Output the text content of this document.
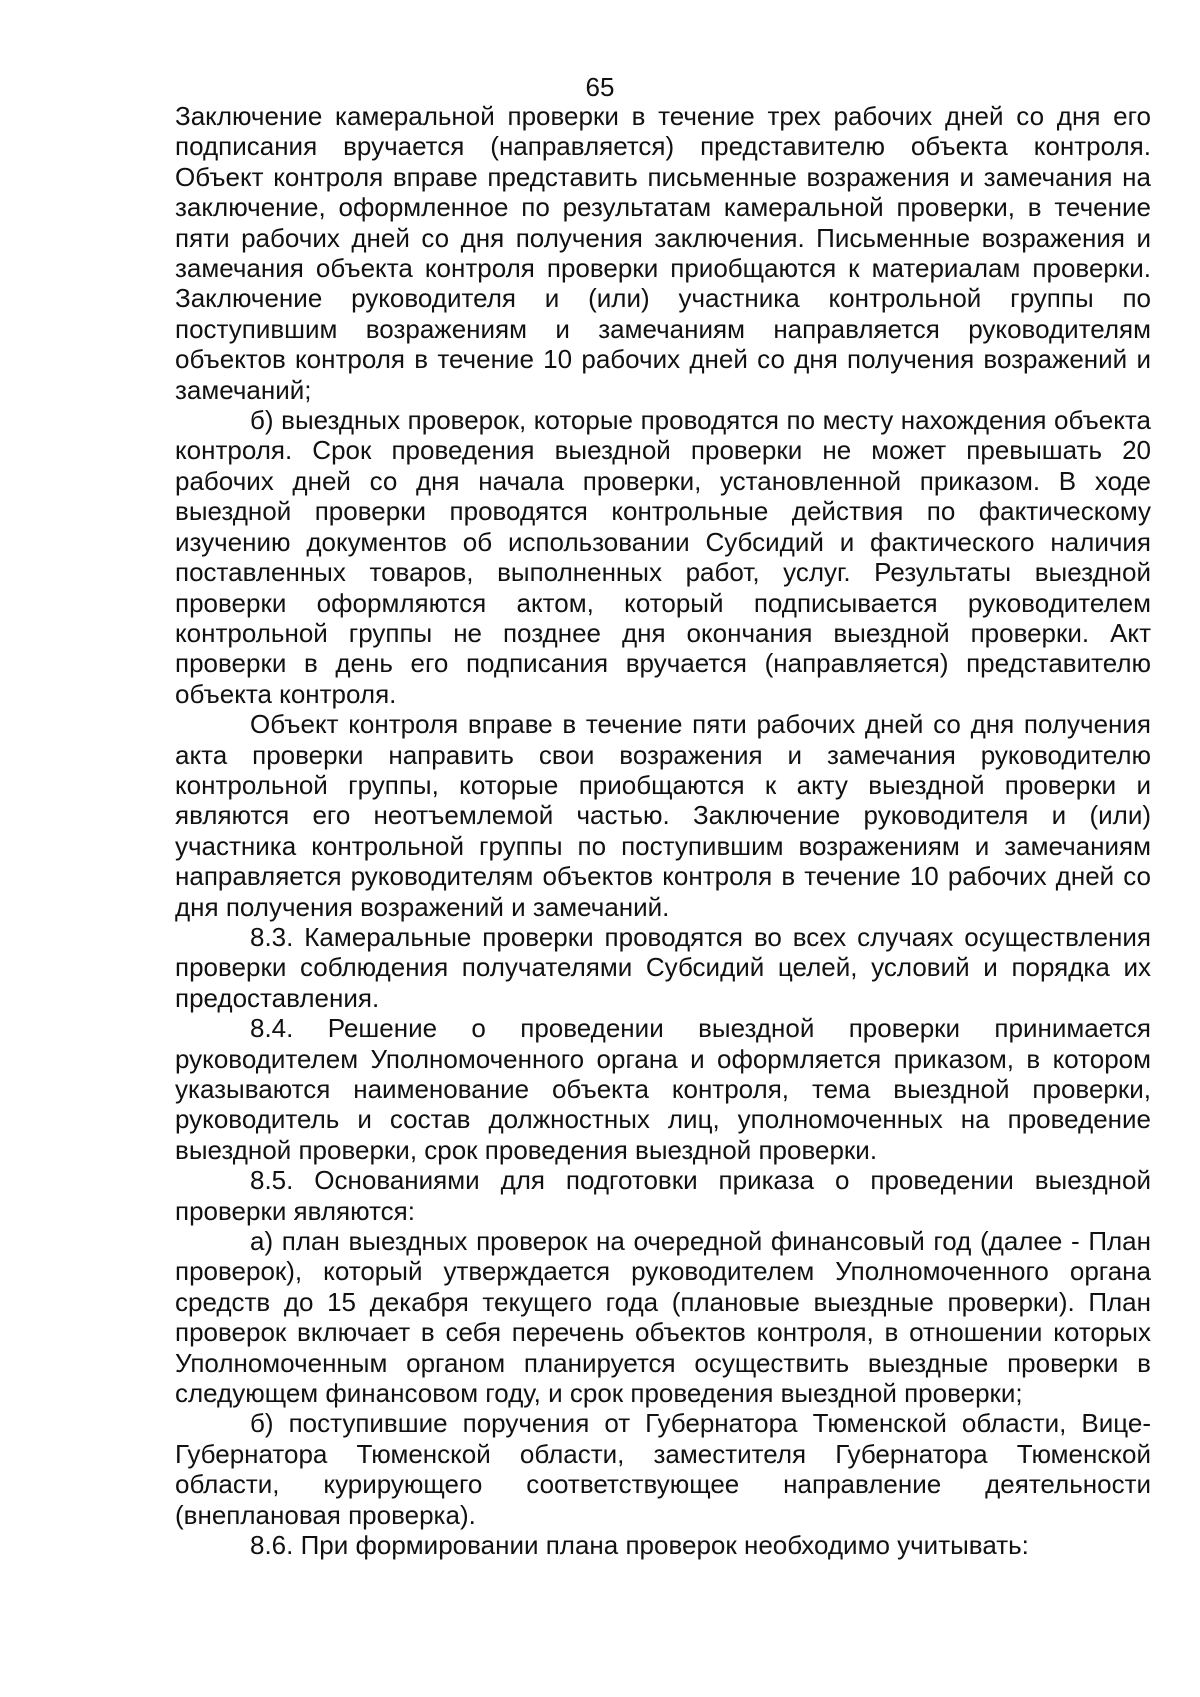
65

Заключение камеральной проверки в течение трех рабочих дней со дня его подписания вручается (направляется) представителю объекта контроля. Объект контроля вправе представить письменные возражения и замечания на заключение, оформленное по результатам камеральной проверки, в течение пяти рабочих дней со дня получения заключения. Письменные возражения и замечания объекта контроля проверки приобщаются к материалам проверки. Заключение руководителя и (или) участника контрольной группы по поступившим возражениям и замечаниям направляется руководителям объектов контроля в течение 10 рабочих дней со дня получения возражений и замечаний;

б) выездных проверок, которые проводятся по месту нахождения объекта контроля. Срок проведения выездной проверки не может превышать 20 рабочих дней со дня начала проверки, установленной приказом. В ходе выездной проверки проводятся контрольные действия по фактическому изучению документов об использовании Субсидий и фактического наличия поставленных товаров, выполненных работ, услуг. Результаты выездной проверки оформляются актом, который подписывается руководителем контрольной группы не позднее дня окончания выездной проверки. Акт проверки в день его подписания вручается (направляется) представителю объекта контроля.

Объект контроля вправе в течение пяти рабочих дней со дня получения акта проверки направить свои возражения и замечания руководителю контрольной группы, которые приобщаются к акту выездной проверки и являются его неотъемлемой частью. Заключение руководителя и (или) участника контрольной группы по поступившим возражениям и замечаниям направляется руководителям объектов контроля в течение 10 рабочих дней со дня получения возражений и замечаний.

8.3. Камеральные проверки проводятся во всех случаях осуществления проверки соблюдения получателями Субсидий целей, условий и порядка их предоставления.

8.4. Решение о проведении выездной проверки принимается руководителем Уполномоченного органа и оформляется приказом, в котором указываются наименование объекта контроля, тема выездной проверки, руководитель и состав должностных лиц, уполномоченных на проведение выездной проверки, срок проведения выездной проверки.

8.5. Основаниями для подготовки приказа о проведении выездной проверки являются:

а) план выездных проверок на очередной финансовый год (далее - План проверок), который утверждается руководителем Уполномоченного органа средств до 15 декабря текущего года (плановые выездные проверки). План проверок включает в себя перечень объектов контроля, в отношении которых Уполномоченным органом планируется осуществить выездные проверки в следующем финансовом году, и срок проведения выездной проверки;

б) поступившие поручения от Губернатора Тюменской области, Вице-Губернатора Тюменской области, заместителя Губернатора Тюменской области, курирующего соответствующее направление деятельности (внеплановая проверка).

8.6. При формировании плана проверок необходимо учитывать:
